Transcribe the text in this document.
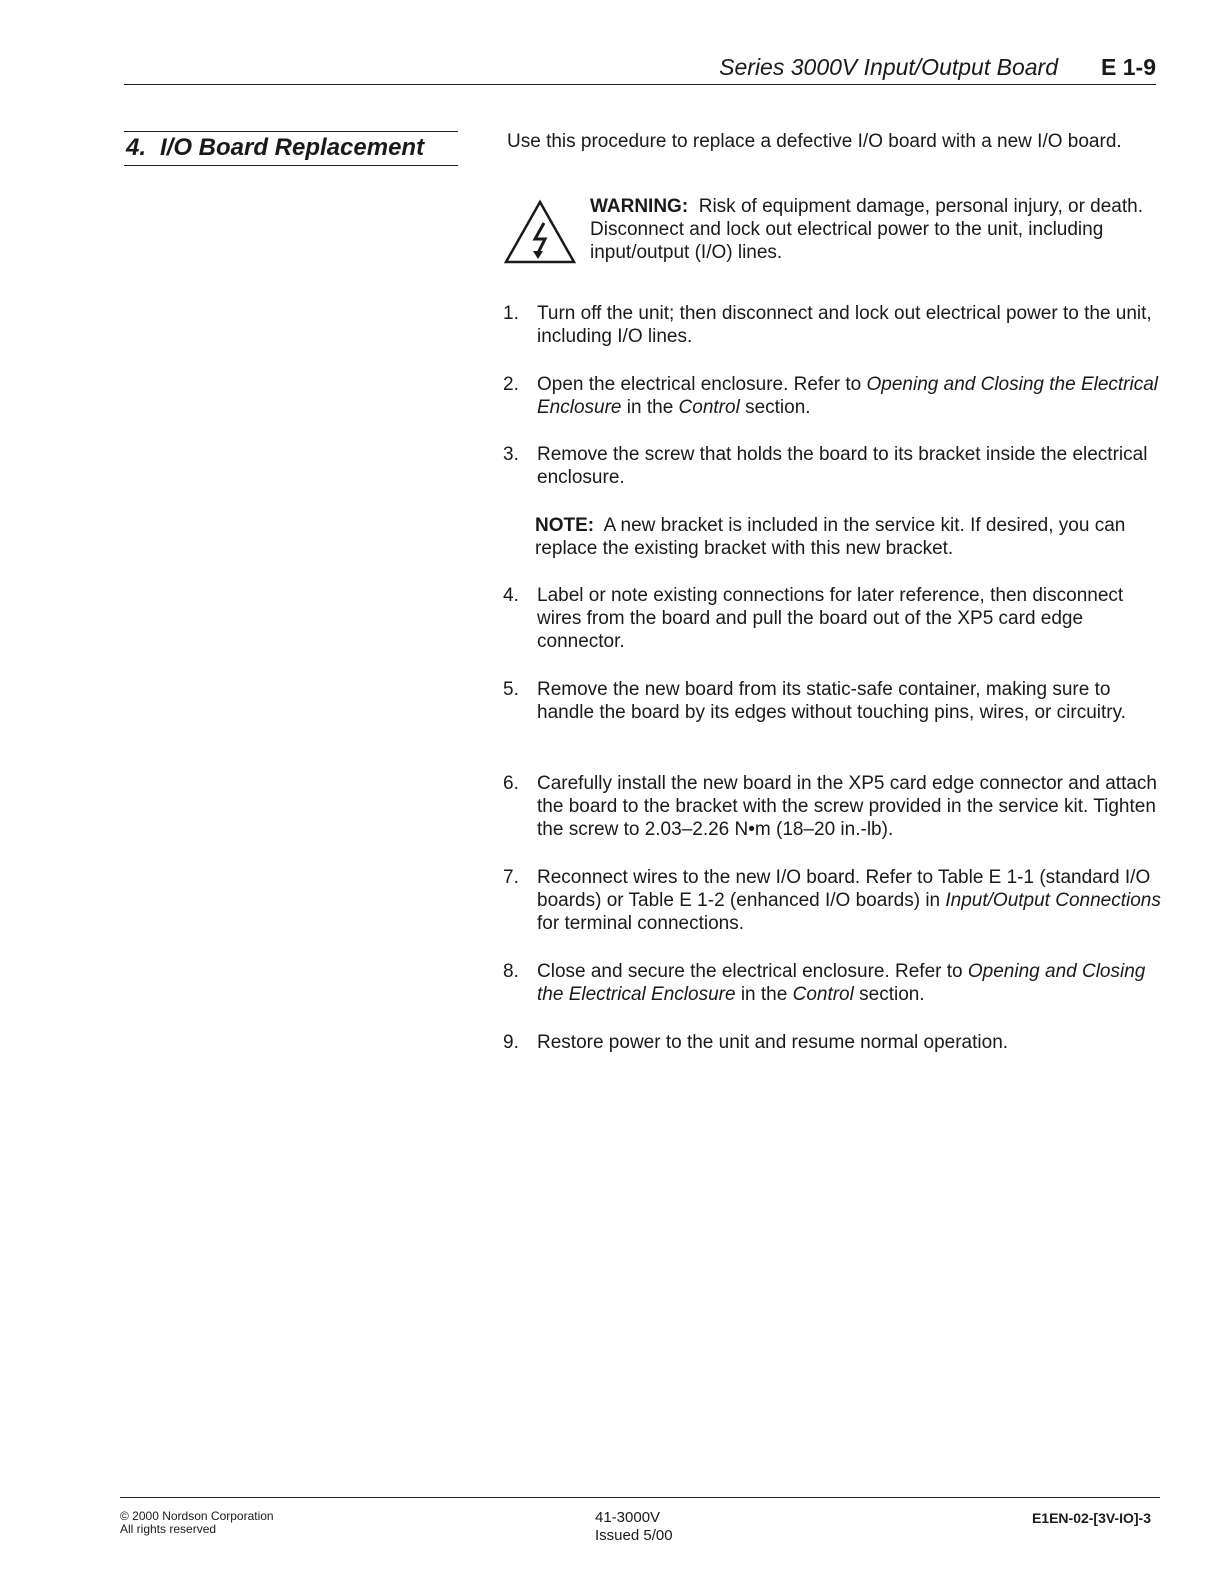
Series 3000V Input/Output Board E 1-9
4. I/O Board Replacement	Use this procedure to replace a defective I/O board with a new I/O board.
WARNING: Risk of equipment damage, personal injury, or death. Disconnect and lock out electrical power to the unit, including input/output (I/O) lines.
1. Turn off the unit; then disconnect and lock out electrical power to the unit, including I/O lines.
2. Open the electrical enclosure. Refer to Opening and Closing the Electrical Enclosure in the Control section.
3. Remove the screw that holds the board to its bracket inside the electrical enclosure.
NOTE: A new bracket is included in the service kit. If desired, you can replace the existing bracket with this new bracket.
4. Label or note existing connections for later reference, then disconnect wires from the board and pull the board out of the XP5 card edge connector.
5. Remove the new board from its static-safe container, making sure to handle the board by its edges without touching pins, wires, or circuitry.
6. Carefully install the new board in the XP5 card edge connector and attach the board to the bracket with the screw provided in the service kit. Tighten the screw to 2.03–2.26 N•m (18–20 in.-lb).
7. Reconnect wires to the new I/O board. Refer to Table E 1-1 (standard I/O boards) or Table E 1-2 (enhanced I/O boards) in Input/Output Connections for terminal connections.
8. Close and secure the electrical enclosure. Refer to Opening and Closing the Electrical Enclosure in the Control section.
9. Restore power to the unit and resume normal operation.
© 2000 Nordson Corporation
All rights reserved
41-3000V
Issued 5/00
E1EN-02-[3V-IO]-3
